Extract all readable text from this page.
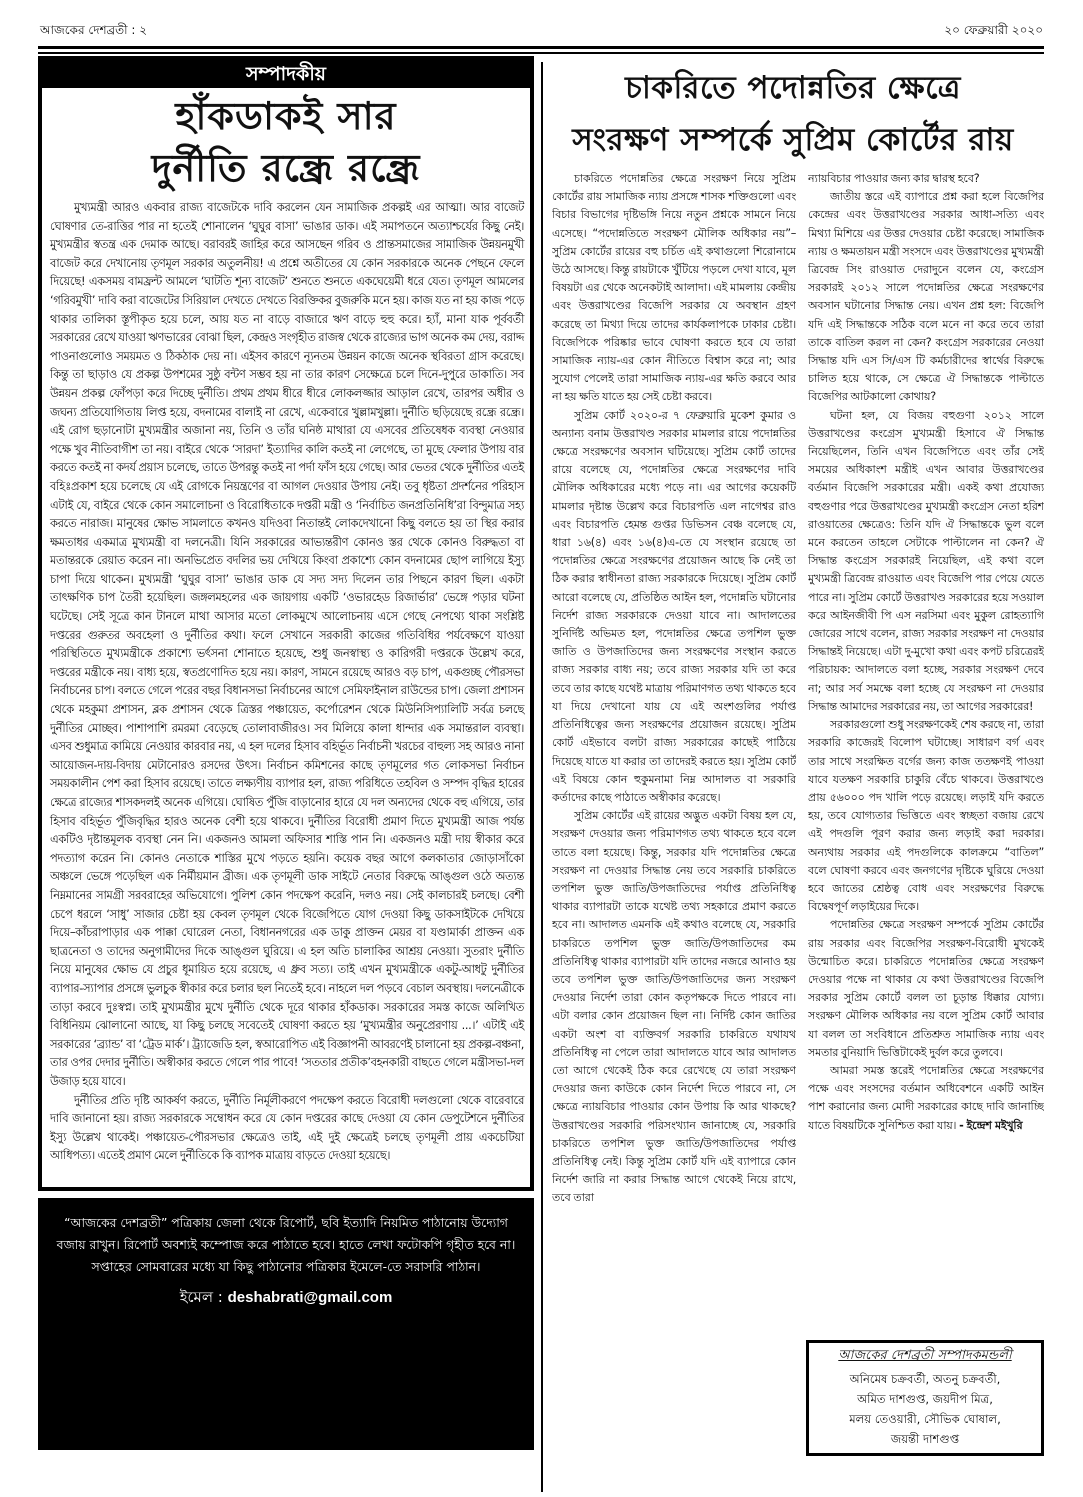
আজকের দেশব্রতী : ২	২০ ফেব্রুয়ারী ২০২০
সম্পাদকীয়
হাঁকডাকই সার
দুর্নীতি রন্ধ্রে রন্ধ্রে

মুখ্যমন্ত্রী আরও একবার রাজ্য বাজেটকে দাবি করলেন যেন সামাজিক প্রকল্পই এর আত্মা। আর বাজেট ঘোষণার তে-রাত্তির পার না হতেই শোনালেন ‘ঘুঘুর বাসা’ ভাঙার ডাক। এই সমাপতনে অত্যাশ্চর্যের কিছু নেই। মুখ্যমন্ত্রীর স্বতন্ত্র এক দেমাক আছে। বরাবরই জাহির করে আসছেন গরিব ও প্রান্তসমাজের সামাজিক উন্নয়নমুখী বাজেট করে দেখানোয় তৃণমূল সরকার অতুলনীয়! এ প্রশ্নে অতীতের যে কোন সরকারকে অনেক পেছনে ফেলে দিয়েছে! একসময় বামফ্রন্ট আমলে ‘ঘাটতি শূন্য বাজেট’ শুনতে শুনতে একঘেয়েমী ধরে যেত। তৃণমূল আমলের ‘গরিবমুখী’ দাবি করা বাজেটের সিরিয়াল দেখতে দেখতে বিরক্তিকর বুজরুকি মনে হয়। কাজ যত না হয় কাজ পড়ে থাকার তালিকা স্তূপীকৃত হয়ে চলে, আয় যত না বাড়ে বাজারে ঋণ বাড়ে হুহু করে। হ্যাঁ, মানা যাক পূর্ববর্তী সরকারের রেখে যাওয়া ঋণভারের বোঝা ছিল, কেন্দ্রও সংগৃহীত রাজস্ব থেকে রাজ্যের ভাগ অনেক কম দেয়, বরাদ্দ পাওনাগুলোও সময়মত ও ঠিকঠাক দেয় না। এইসব কারণে ন্যূনতম উন্নয়ন কাজে অনেক স্থবিরতা গ্রাস করেছে। কিন্তু তা ছাড়াও যে প্রকল্প উপশমের সুষ্ঠু বন্টণ সম্ভব হয় না তার কারণ সেক্ষেত্রে চলে দিনে-দুপুরে ডাকাতি। সব উন্নয়ন প্রকল্প ফোঁপড়া করে দিচ্ছে দুর্নীতি। প্রথম প্রথম ধীরে ধীরে লোকলজ্জার আড়াল রেখে, তারপর অধীর ও জঘন্য প্রতিযোগিতায় লিপ্ত হয়ে, বদনামের বালাই না রেখে, একেবারে খুল্লামখুল্লা। দুর্নীতি ছড়িয়েছে রন্ধ্রে রন্ধ্রে। এই রোগ ছড়ানোটা মুখ্যমন্ত্রীর অজানা নয়, তিনি ও তাঁর ঘনিষ্ঠ মাথারা যে এসবের প্রতিষেধক ব্যবস্থা নেওয়ার পক্ষে খুব নীতিবাগীশ তা নয়। বাইরে থেকে ‘সারদা’ ইত্যাদির কালি কতই না লেগেছে, তা মুছে ফেলার উপায় বার করতে কতই না কদর্য প্রয়াস চলেছে, তাতে উপরন্তু কতই না পর্দা ফাঁস হয়ে গেছে। আর ভেতর থেকে দুর্নীতির এতই বহিঃপ্রকাশ হয়ে চলেছে যে এই রোগকে নিয়ন্ত্রণের বা আগল দেওয়ার উপায় নেই। তবু ধৃষ্টতা প্রদর্শনের পরিহাস এটাই যে, বাইরে থেকে কোন সমালোচনা ও বিরোধিতাকে দপ্তরী মন্ত্রী ও ‘নির্বাচিত জনপ্রতিনিধি’রা বিন্দুমাত্র সহ্য করতে নারাজ। মানুষের ক্ষোভ সামলাতে কখনও যদিওবা নিতান্তই লোকদেখানো কিছু বলতে হয় তা স্থির করার ক্ষমতাধর একমাত্র মুখ্যমন্ত্রী বা দলনেত্রী। যিনি সরকারের আভ্যন্তরীণ কোনও স্তর থেকে কোনও বিরুদ্ধতা বা মতান্তরকে রেয়াত করেন না। অনভিপ্রেত বদলির ভয় দেখিয়ে কিংবা প্রকাশ্যে কোন বদনামের ছোপ লাগিয়ে ইস্যু চাপা দিয়ে থাকেন। মুখ্যমন্ত্রী ‘ঘুঘুর বাসা’ ভাঙার ডাক যে সদ্য সদ্য দিলেন তার পিছনে কারণ ছিল। একটা তাৎক্ষণিক চাপ তৈরী হয়েছিল। জঙ্গলমহলের এক জায়গায় একটি ‘ওভারহেড রিজার্ভার’ ভেঙ্গে পড়ার ঘটনা ঘটেছে। সেই সূত্রে কান টানলে মাথা আসার মতো লোকমুখে আলোচনায় এসে গেছে নেপথ্যে থাকা সংশ্লিষ্ট দপ্তরের গুরুতর অবহেলা ও দুর্নীতির কথা। ফলে সেখানে সরকারী কাজের গতিবিধির পর্যবেক্ষণে যাওয়া পরিস্থিতিতে মুখ্যমন্ত্রীকে প্রকাশ্যে ভর্ৎসনা শোনাতে হয়েছে, শুধু জনস্বাস্থ্য ও কারিগরী দপ্তরকে উল্লেখ করে, দপ্তরের মন্ত্রীকে নয়। বাধ্য হয়ে, স্বতপ্রণোদিত হয়ে নয়। কারণ, সামনে রয়েছে আরও বড় চাপ, একগুচ্ছ পৌরসভা নির্বাচনের চাপ। বলতে গেলে পরের বছর বিধানসভা নির্বাচনের আগে সেমিফাইনাল রাউন্ডের চাপ। জেলা প্রশাসন থেকে মহকুমা প্রশাসন, ব্লক প্রশাসন থেকে ত্রিস্তর পঞ্চায়েত, কর্পোরেশন থেকে মিউনিসিপ্যালিটি সর্বত্র চলছে দুর্নীতির মোচ্ছব। পাশাপাশি রমরমা বেড়েছে তোলাবাজীরও। সব মিলিয়ে কালা ধান্দার এক সমান্তরাল ব্যবস্থা। এসব শুধুমাত্র কামিয়ে নেওয়ার কারবার নয়, এ হল দলের হিসাব বহির্ভূত নির্বাচনী খরচের বাহুল্য সহ আরও নানা আয়োজন-দায়-বিদায় মেটানোরও রসদের উৎস। নির্বাচন কমিশনের কাছে তৃণমূলের গত লোকসভা নির্বাচন সময়কালীন পেশ করা হিসাব রয়েছে। তাতে লক্ষ্যণীয় ব্যাপার হল, রাজ্য পরিধিতে তহবিল ও সম্পদ বৃদ্ধির হারের ক্ষেত্রে রাজ্যের শাসকদলই অনেক এগিয়ে। ঘোষিত পুঁজি বাড়ানোর হারে যে দল অন্যদের থেকে বহু এগিয়ে, তার হিসাব বহির্ভূত পুঁজিবৃদ্ধির হারও অনেক বেশী হয়ে থাকবে। দুর্নীতির বিরোধী প্রমাণ দিতে মুখ্যমন্ত্রী আজ পর্যন্ত একটিও দৃষ্টান্তমূলক ব্যবস্থা নেন নি। একজনও আমলা অফিসার শাস্তি পান নি। একজনও মন্ত্রী দায় স্বীকার করে পদত্যাগ করেন নি। কোনও নেতাকে শাস্তির মুখে পড়তে হয়নি। কয়েক বছর আগে কলকাতার জোড়াসাঁকো অঞ্চলে ভেঙ্গে পড়েছিল এক নির্মীয়মান ব্রীজ। এক তৃণমূলী ডাক সাইটে নেতার বিরুদ্ধে আঙ্গুল ওঠে অত্যন্ত নিম্নমানের সামগ্রী সরবরাহের অভিযোগে। পুলিশ কোন পদক্ষেপ করেনি, দলও নয়। সেই কালচারই চলছে। বেশী চেপে ধরলে ‘সাধু’ সাজার চেষ্টা হয় কেবল তৃণমূল থেকে বিজেপিতে যোগ দেওয়া কিছু ডাকসাইটকে দেখিয়ে দিয়ে–কাঁচরাপাড়ার এক পাক্কা ঘোরেল নেতা, বিধাননগরের এক ডাকু প্রাক্তন মেয়র বা যণ্ডামার্কা প্রাক্তন এক ছাত্রনেতা ও তাদের অনুগামীদের দিকে আঙ্গুল ঘুরিয়ে। এ হল অতি চালাকির আশ্রয় নেওয়া। সুতরাং দুর্নীতি নিয়ে মানুষের ক্ষোভ যে প্রচুর ধূমায়িত হয়ে রয়েছে, এ ধ্রুব সত্য। তাই এখন মুখ্যমন্ত্রীকে একটু-আধটু দুর্নীতির ব্যাপার-স্যাপার প্রসঙ্গে ভুলচুক স্বীকার করে চলার ছল নিতেই হবে। নাহলে দল পড়বে বেচাল অবস্থায়। দলনেত্রীকে তাড়া করবে দুঃস্বপ্ন। তাই মুখ্যমন্ত্রীর মুখে দুর্নীতি থেকে দূরে থাকার হাঁকডাক। সরকারের সমস্ত কাজে অলিখিত বিধিনিয়ম ঝোলানো আছে, যা কিছু চলছে সবেতেই ঘোষণা করতে হয় ‘মুখ্যমন্ত্রীর অনুপ্রেরণায় ...।’ এটাই এই সরকারের ‘ব্র্যান্ড’ বা ‘ট্রেড মার্ক’। ট্র্যাজেডি হল, স্বআরোপিত এই বিজ্ঞাপনী আবরণেই চালানো হয় প্রকল্প-বঞ্চনা, তার ওপর দেদার দুর্নীতি। অস্বীকার করতে গেলে পার পাবে! ‘সততার প্রতীক’বহনকারী বাছতে গেলে মন্ত্রীসভা-দল উজাড় হয়ে যাবে।

দুর্নীতির প্রতি দৃষ্টি আকর্ষণ করতে, দুর্নীতি নির্মূলীকরণে পদক্ষেপ করতে বিরোধী দলগুলো থেকে বারেবারে দাবি জানানো হয়। রাজ্য সরকারকে সম্বোধন করে যে কোন দপ্তরের কাছে দেওয়া যে কোন ডেপুটেশনে দুর্নীতির ইস্যু উল্লেখ থাকেই। পঞ্চায়েত-পৌরসভার ক্ষেত্রেও তাই, এই দুই ক্ষেত্রেই চলছে তৃণমূলী প্রায় একচেটিয়া আধিপত্য। এতেই প্রমাণ মেলে দুর্নীতিকে কি ব্যাপক মাত্রায় বাড়তে দেওয়া হয়েছে।

“আজকের দেশব্রতী” পত্রিকায় জেলা থেকে রিপোর্ট, ছবি ইত্যাদি নিয়মিত পাঠানোয় উদ্যোগ বজায় রাখুন। রিপোর্ট অবশ্যই কম্পোজ করে পাঠাতে হবে। হাতে লেখা ফটোকপি গৃহীত হবে না। সপ্তাহের সোমবারের মধ্যে যা কিছু পাঠানোর পত্রিকার ইমেলে-তে সরাসরি পাঠান।
ইমেল : deshabrati@gmail.com
চাকরিতে পদোন্নতির ক্ষেত্রে
সংরক্ষণ সম্পর্কে সুপ্রিম কোর্টের রায়

চাকরিতে পদোন্নতির ক্ষেত্রে সংরক্ষণ নিয়ে সুপ্রিম কোর্টের রায় সামাজিক ন্যায় প্রসঙ্গে শাসক শক্তিগুলো এবং বিচার বিভাগের দৃষ্টিভঙ্গি নিয়ে নতুন প্রশ্নকে সামনে নিয়ে এসেছে। “পদোন্নতিতে সংরক্ষণ মৌলিক অধিকার নয়”–সুপ্রিম কোর্টের রায়ের বহু চর্চিত এই কথাগুলো শিরোনামে উঠে আসছে। কিন্তু রায়টাকে খুঁটিয়ে পড়লে দেখা যাবে, মূল বিষয়টা এর থেকে অনেকটাই আলাদা। এই মামলায় কেন্দ্রীয় এবং উত্তরাখণ্ডের বিজেপি সরকার যে অবস্থান গ্রহণ করেছে তা মিথ্যা দিয়ে তাদের কার্যকলাপকে ঢাকার চেষ্টা। বিজেপিকে পরিষ্কার ভাবে ঘোষণা করতে হবে যে তারা সামাজিক ন্যায়-এর কোন নীতিতে বিশ্বাস করে না; আর সুযোগ পেলেই তারা সামাজিক ন্যায়-এর ক্ষতি করবে আর না হয় ক্ষতি যাতে হয় সেই চেষ্টা করবে।

সুপ্রিম কোর্ট ২০২০-র ৭ ফেব্রুয়ারি মুকেশ কুমার ও অন্যান্য বনাম উত্তরাখণ্ড সরকার মামলার রায়ে পদোন্নতির ক্ষেত্রে সংরক্ষণের অবসান ঘটিয়েছে। সুপ্রিম কোর্ট তাদের রায়ে বলেছে যে, পদোন্নতির ক্ষেত্রে সংরক্ষণের দাবি মৌলিক অধিকারের মধ্যে পড়ে না। এর আগের কয়েকটি মামলার দৃষ্টান্ত উল্লেখ করে বিচারপতি এল নাগেশ্বর রাও এবং বিচারপতি হেমন্ত গুপ্তর ডিভিসন বেঞ্চ বলেছে যে, ধারা ১৬(৪) এবং ১৬(৪)এ-তে যে সংস্থান রয়েছে তা পদোন্নতির ক্ষেত্রে সংরক্ষণের প্রয়োজন আছে কি নেই তা ঠিক করার স্বাধীনতা রাজ্য সরকারকে দিয়েছে। সুপ্রিম কোর্ট আরো বলেছে যে, প্রতিষ্ঠিত আইন হল, পদোন্নতি ঘটানোর নির্দেশ রাজ্য সরকারকে দেওয়া যাবে না। আদালতের সুনির্দিষ্ট অভিমত হল, পদোন্নতির ক্ষেত্রে তপশিল ভুক্ত জাতি ও উপজাতিদের জন্য সংরক্ষণের সংস্থান করতে রাজ্য সরকার বাধ্য নয়; তবে রাজ্য সরকার যদি তা করে তবে তার কাছে যথেষ্ট মাত্রায় পরিমাণগত তথ্য থাকতে হবে যা দিয়ে দেখানো যায় যে এই অংশগুলির পর্যাপ্ত প্রতিনিধিত্বের জন্য সংরক্ষণের প্রয়োজন রয়েছে। সুপ্রিম কোর্ট এইভাবে বলটা রাজ্য সরকারের কাছেই পাঠিয়ে দিয়েছে যাতে যা করার তা তাদেরই করতে হয়। সুপ্রিম কোর্ট এই বিষয়ে কোন হুকুমনামা নিম্ন আদালত বা সরকারি কর্তাদের কাছে পাঠাতে অস্বীকার করেছে।

সুপ্রিম কোর্টের এই রায়ের অদ্ভুত একটা বিষয় হল যে, সংরক্ষণ দেওয়ার জন্য পরিমাণগত তথ্য থাকতে হবে বলে তাতে বলা হয়েছে। কিন্তু, সরকার যদি পদোন্নতির ক্ষেত্রে সংরক্ষণ না দেওয়ার সিদ্ধান্ত নেয় তবে সরকারি চাকরিতে তপশিল ভুক্ত জাতি/উপজাতিদের পর্যাপ্ত প্রতিনিধিত্ব থাকার ব্যাপারটা তাকে যথেষ্ট তথ্য সহকারে প্রমাণ করতে হবে না। আদালত এমনকি এই কথাও বলেছে যে, সরকারি চাকরিতে তপশিল ভুক্ত জাতি/উপজাতিদের কম প্রতিনিধিত্ব থাকার ব্যাপারটা যদি তাদের নজরে আনাও হয় তবে তপশিল ভুক্ত জাতি/উপজাতিদের জন্য সংরক্ষণ দেওয়ার নির্দেশ তারা কোন কতৃপক্ষকে দিতে পারবে না। এটা বলার কোন প্রয়োজন ছিল না। নির্দিষ্ট কোন জাতির একটা অংশ বা ব্যক্তিবর্গ সরকারি চাকরিতে যথাযথ প্রতিনিধিত্ব না পেলে তারা আদালতে যাবে আর আদালত তো আগে থেকেই ঠিক করে রেখেছে যে তারা সংরক্ষণ দেওয়ার জন্য কাউকে কোন নির্দেশ দিতে পারবে না, সে ক্ষেত্রে ন্যায়বিচার পাওয়ার কোন উপায় কি আর থাকছে? উত্তরাখণ্ডের সরকারি পরিসংখ্যান জানাচ্ছে যে, সরকারি চাকরিতে তপশিল ভুক্ত জাতি/উপজাতিদের পর্যাপ্ত প্রতিনিধিত্ব নেই। কিন্তু সুপ্রিম কোর্ট যদি এই ব্যাপারে কোন নির্দেশ জারি না করার সিদ্ধান্ত আগে থেকেই নিয়ে রাখে, তবে তারা

ন্যায়বিচার পাওয়ার জন্য কার দ্বারস্থ হবে?

জাতীয় স্তরে এই ব্যাপারে প্রশ্ন করা হলে বিজেপির কেন্দ্রের এবং উত্তরাখণ্ডের সরকার আধা-সত্যি এবং মিথ্যা মিশিয়ে এর উত্তর দেওয়ার চেষ্টা করেছে। সামাজিক ন্যায় ও ক্ষমতায়ন মন্ত্রী সংসদে এবং উত্তরাখণ্ডের মুখ্যমন্ত্রী ত্রিবেন্দ্র সিং রাওয়াত দেরাদুনে বলেন যে, কংগ্রেস সরকারই ২০১২ সালে পদোন্নতির ক্ষেত্রে সংরক্ষণের অবসান ঘটানোর সিদ্ধান্ত নেয়। এখন প্রশ্ন হল: বিজেপি যদি এই সিদ্ধান্তকে সঠিক বলে মনে না করে তবে তারা তাকে বাতিল করল না কেন? কংগ্রেস সরকারের নেওয়া সিদ্ধান্ত যদি এস সি/এস টি কর্মচারীদের স্বার্থের বিরুদ্ধে চালিত হয়ে থাকে, সে ক্ষেত্রে ঐ সিদ্ধান্তকে পাল্টাতে বিজেপির আটকালো কোথায়?

ঘটনা হল, যে বিজয় বহুগুণা ২০১২ সালে উত্তরাখণ্ডের কংগ্রেস মুখ্যমন্ত্রী হিসাবে ঐ সিদ্ধান্ত নিয়েছিলেন, তিনি এখন বিজেপিতে এবং তাঁর সেই সময়ের অধিকাংশ মন্ত্রীই এখন আবার উত্তরাখণ্ডের বর্তমান বিজেপি সরকারের মন্ত্রী। একই কথা প্রযোজ্য বহুগুণার পরে উত্তরাখণ্ডের মুখ্যমন্ত্রী কংগ্রেস নেতা হরিশ রাওয়াতের ক্ষেত্রেও: তিনি যদি ঐ সিদ্ধান্তকে ভুল বলে মনে করতেন তাহলে সেটাকে পাল্টালেন না কেন? ঐ সিদ্ধান্ত কংগ্রেস সরকারই নিয়েছিল, এই কথা বলে মুখ্যমন্ত্রী ত্রিবেন্দ্র রাওয়াত এবং বিজেপি পার পেয়ে যেতে পারে না। সুপ্রিম কোর্টে উত্তরাখণ্ড সরকারের হয়ে সওয়াল করে আইনজীবী পি এস নরসিমা এবং মুকুল রোহত্যাগি জোরের সাথে বলেন, রাজ্য সরকার সংরক্ষণ না দেওয়ার সিদ্ধান্তই নিয়েছে। এটা দু-মুখো কথা এবং কপট চরিত্রেরই পরিচায়ক: আদালতে বলা হচ্ছে, সরকার সংরক্ষণ দেবে না; আর সর্ব সমক্ষে বলা হচ্ছে যে সংরক্ষণ না দেওয়ার সিদ্ধান্ত আমাদের সরকারের নয়, তা আগের সরকারের!

সরকারগুলো শুধু সংরক্ষণকেই শেষ করছে না, তারা সরকারি কাজেরই বিলোপ ঘটাচ্ছে। সাধারণ বর্গ এবং তার সাথে সংরক্ষিত বর্গের জন্য কাজ ততক্ষণই পাওয়া যাবে যতক্ষণ সরকারি চাকুরি বেঁচে থাকবে। উত্তরাখণ্ডে প্রায় ৫৬০০০ পদ খালি পড়ে রয়েছে। লড়াই যদি করতে হয়, তবে যোগ্যতার ভিত্তিতে এবং স্বচ্ছতা বজায় রেখে এই পদগুলি পূরণ করার জন্য লড়াই করা দরকার। অন্যথায় সরকার এই পদগুলিকে কালক্রমে “বাতিল” বলে ঘোষণা করবে এবং জনগণের দৃষ্টিকে ঘুরিয়ে দেওয়া হবে জাতের শ্রেষ্ঠত্ব বোধ এবং সংরক্ষণের বিরুদ্ধে বিদ্বেষপূর্ণ লড়াইয়ের দিকে।

পদোন্নতির ক্ষেত্রে সংরক্ষণ সম্পর্কে সুপ্রিম কোর্টের রায় সরকার এবং বিজেপির সংরক্ষণ-বিরোধী মুখকেই উন্মোচিত করে। চাকরিতে পদোন্নতির ক্ষেত্রে সংরক্ষণ দেওয়ার পক্ষে না থাকার যে কথা উত্তরাখণ্ডের বিজেপি সরকার সুপ্রিম কোর্টে বলল তা চূড়ান্ত ধিক্কার যোগ্য। সংরক্ষণ মৌলিক অধিকার নয় বলে সুপ্রিম কোর্ট আবার যা বলল তা সংবিধানে প্রতিশ্রুত সামাজিক ন্যায় এবং সমতার বুনিয়াদি ভিত্তিটাকেই দুর্বল করে তুলবে।

আমরা সমস্ত স্তরেই পদোন্নতির ক্ষেত্রে সংরক্ষণের পক্ষে এবং সংসদের বর্তমান অধিবেশনে একটি আইন পাশ করানোর জন্য মোদী সরকারের কাছে দাবি জানাচ্ছি যাতে বিষয়টিকে সুনিশ্চিত করা যায়। - ইন্দ্রেশ মইখুরি

আজকের দেশব্রতী সম্পাদকমন্ডলী
অনিমেষ চক্রবর্তী, অতনু চক্রবর্তী,
অমিত দাশগুপ্ত, জয়দীপ মিত্র,
মলয় তেওয়ারী, সৌভিক ঘোষাল,
জয়ন্তী দাশগুপ্ত
